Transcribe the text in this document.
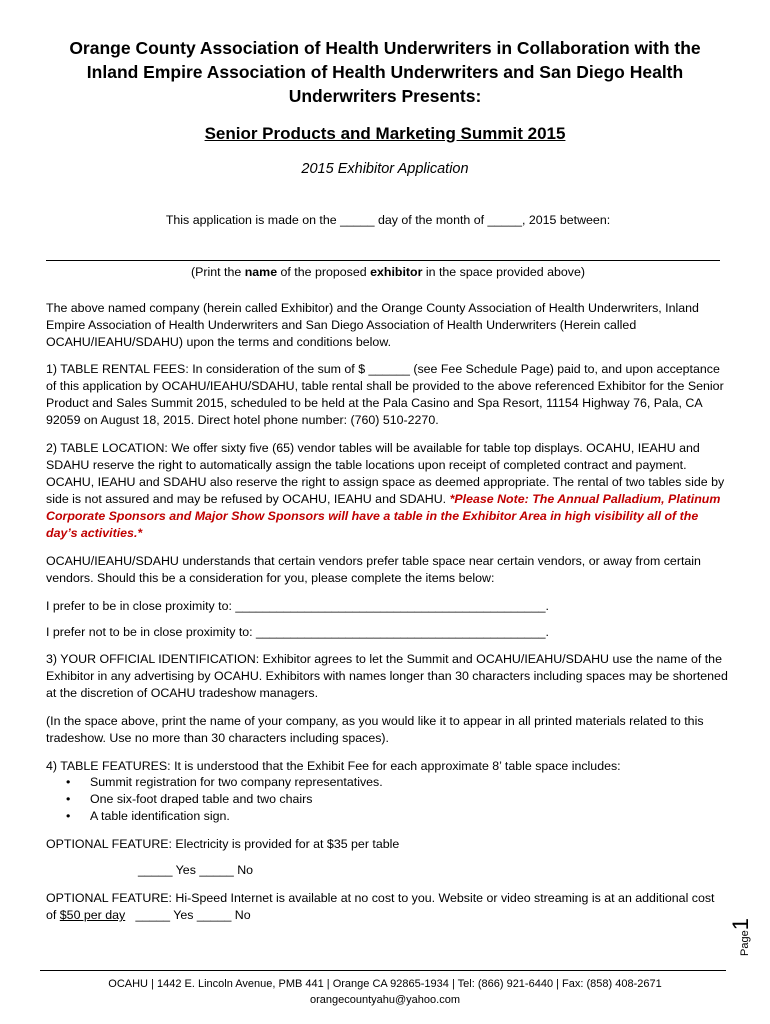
Orange County Association of Health Underwriters in Collaboration with the
Inland Empire Association of Health Underwriters and San Diego Health
Underwriters Presents:
Senior Products and Marketing Summit 2015

2015 Exhibitor Application

This application is made on the _____ day of the month of _____, 2015 between:

(Print the name of the proposed exhibitor in the space provided above)

The above named company (herein called Exhibitor) and the Orange County Association of Health Underwriters, Inland Empire Association of Health Underwriters and San Diego Association of Health Underwriters (Herein called OCAHU/IEAHU/SDAHU) upon the terms and conditions below.

1) TABLE RENTAL FEES: In consideration of the sum of $ ______ (see Fee Schedule Page) paid to, and upon acceptance of this application by OCAHU/IEAHU/SDAHU, table rental shall be provided to the above referenced Exhibitor for the Senior Product and Sales Summit 2015, scheduled to be held at the Pala Casino and Spa Resort, 11154 Highway 76, Pala, CA 92059 on August 18, 2015. Direct hotel phone number: (760) 510-2270.

2) TABLE LOCATION: We offer sixty five (65) vendor tables will be available for table top displays. OCAHU, IEAHU and SDAHU reserve the right to automatically assign the table locations upon receipt of completed contract and payment. OCAHU, IEAHU and SDAHU also reserve the right to assign space as deemed appropriate. The rental of two tables side by side is not assured and may be refused by OCAHU, IEAHU and SDAHU. *Please Note: The Annual Palladium, Platinum Corporate Sponsors and Major Show Sponsors will have a table in the Exhibitor Area in high visibility all of the day’s activities.*

OCAHU/IEAHU/SDAHU understands that certain vendors prefer table space near certain vendors, or away from certain vendors. Should this be a consideration for you, please complete the items below:

I prefer to be in close proximity to: _____________________________________________.

I prefer not to be in close proximity to: __________________________________________.

3) YOUR OFFICIAL IDENTIFICATION: Exhibitor agrees to let the Summit and OCAHU/IEAHU/SDAHU use the name of the Exhibitor in any advertising by OCAHU. Exhibitors with names longer than 30 characters including spaces may be shortened at the discretion of OCAHU tradeshow managers.

(In the space above, print the name of your company, as you would like it to appear in all printed materials related to this tradeshow. Use no more than 30 characters including spaces).

4) TABLE FEATURES: It is understood that the Exhibit Fee for each approximate 8’ table space includes:

• Summit registration for two company representatives.
• One six-foot draped table and two chairs
• A table identification sign.

OPTIONAL FEATURE: Electricity is provided for at $35 per table

_____ Yes _____ No

OPTIONAL FEATURE: Hi-Speed Internet is available at no cost to you. Website or video streaming is at an additional cost

of $50 per day   _____ Yes _____ No

Page1
OCAHU | 1442 E. Lincoln Avenue, PMB 441 | Orange CA 92865-1934 | Tel: (866) 921-6440 | Fax: (858) 408-2671
orangecountyahu@yahoo.com
